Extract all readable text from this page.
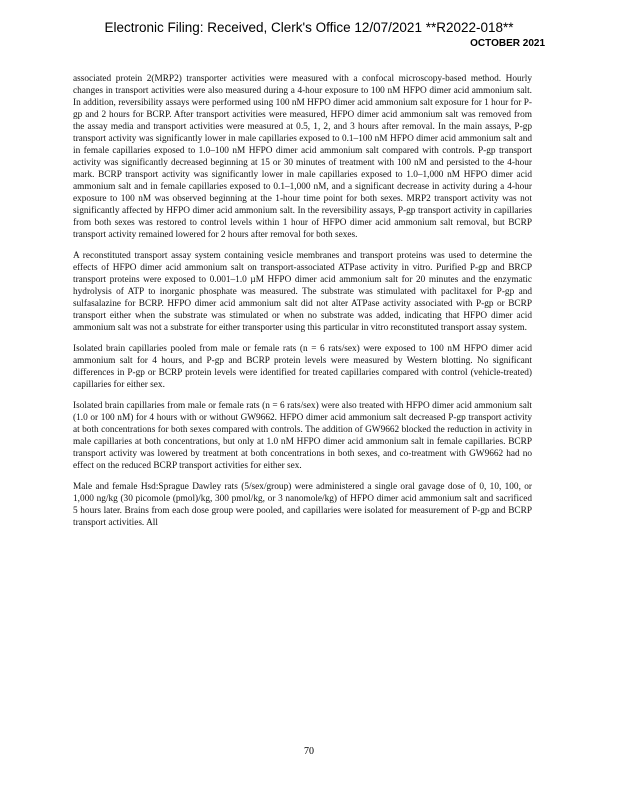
Electronic Filing: Received, Clerk's Office 12/07/2021 **R2022-018**
OCTOBER 2021

associated protein 2(MRP2) transporter activities were measured with a confocal microscopy-based method. Hourly changes in transport activities were also measured during a 4-hour exposure to 100 nM HFPO dimer acid ammonium salt. In addition, reversibility assays were performed using 100 nM HFPO dimer acid ammonium salt exposure for 1 hour for P-gp and 2 hours for BCRP. After transport activities were measured, HFPO dimer acid ammonium salt was removed from the assay media and transport activities were measured at 0.5, 1, 2, and 3 hours after removal. In the main assays, P-gp transport activity was significantly lower in male capillaries exposed to 0.1–100 nM HFPO dimer acid ammonium salt and in female capillaries exposed to 1.0–100 nM HFPO dimer acid ammonium salt compared with controls. P-gp transport activity was significantly decreased beginning at 15 or 30 minutes of treatment with 100 nM and persisted to the 4-hour mark. BCRP transport activity was significantly lower in male capillaries exposed to 1.0–1,000 nM HFPO dimer acid ammonium salt and in female capillaries exposed to 0.1–1,000 nM, and a significant decrease in activity during a 4-hour exposure to 100 nM was observed beginning at the 1-hour time point for both sexes. MRP2 transport activity was not significantly affected by HFPO dimer acid ammonium salt. In the reversibility assays, P-gp transport activity in capillaries from both sexes was restored to control levels within 1 hour of HFPO dimer acid ammonium salt removal, but BCRP transport activity remained lowered for 2 hours after removal for both sexes.

A reconstituted transport assay system containing vesicle membranes and transport proteins was used to determine the effects of HFPO dimer acid ammonium salt on transport-associated ATPase activity in vitro. Purified P-gp and BRCP transport proteins were exposed to 0.001–1.0 µM HFPO dimer acid ammonium salt for 20 minutes and the enzymatic hydrolysis of ATP to inorganic phosphate was measured. The substrate was stimulated with paclitaxel for P-gp and sulfasalazine for BCRP. HFPO dimer acid ammonium salt did not alter ATPase activity associated with P-gp or BCRP transport either when the substrate was stimulated or when no substrate was added, indicating that HFPO dimer acid ammonium salt was not a substrate for either transporter using this particular in vitro reconstituted transport assay system.

Isolated brain capillaries pooled from male or female rats (n = 6 rats/sex) were exposed to 100 nM HFPO dimer acid ammonium salt for 4 hours, and P-gp and BCRP protein levels were measured by Western blotting. No significant differences in P-gp or BCRP protein levels were identified for treated capillaries compared with control (vehicle-treated) capillaries for either sex.

Isolated brain capillaries from male or female rats (n = 6 rats/sex) were also treated with HFPO dimer acid ammonium salt (1.0 or 100 nM) for 4 hours with or without GW9662. HFPO dimer acid ammonium salt decreased P-gp transport activity at both concentrations for both sexes compared with controls. The addition of GW9662 blocked the reduction in activity in male capillaries at both concentrations, but only at 1.0 nM HFPO dimer acid ammonium salt in female capillaries. BCRP transport activity was lowered by treatment at both concentrations in both sexes, and co-treatment with GW9662 had no effect on the reduced BCRP transport activities for either sex.

Male and female Hsd:Sprague Dawley rats (5/sex/group) were administered a single oral gavage dose of 0, 10, 100, or 1,000 ng/kg (30 picomole (pmol)/kg, 300 pmol/kg, or 3 nanomole/kg) of HFPO dimer acid ammonium salt and sacrificed 5 hours later. Brains from each dose group were pooled, and capillaries were isolated for measurement of P-gp and BCRP transport activities. All

70
